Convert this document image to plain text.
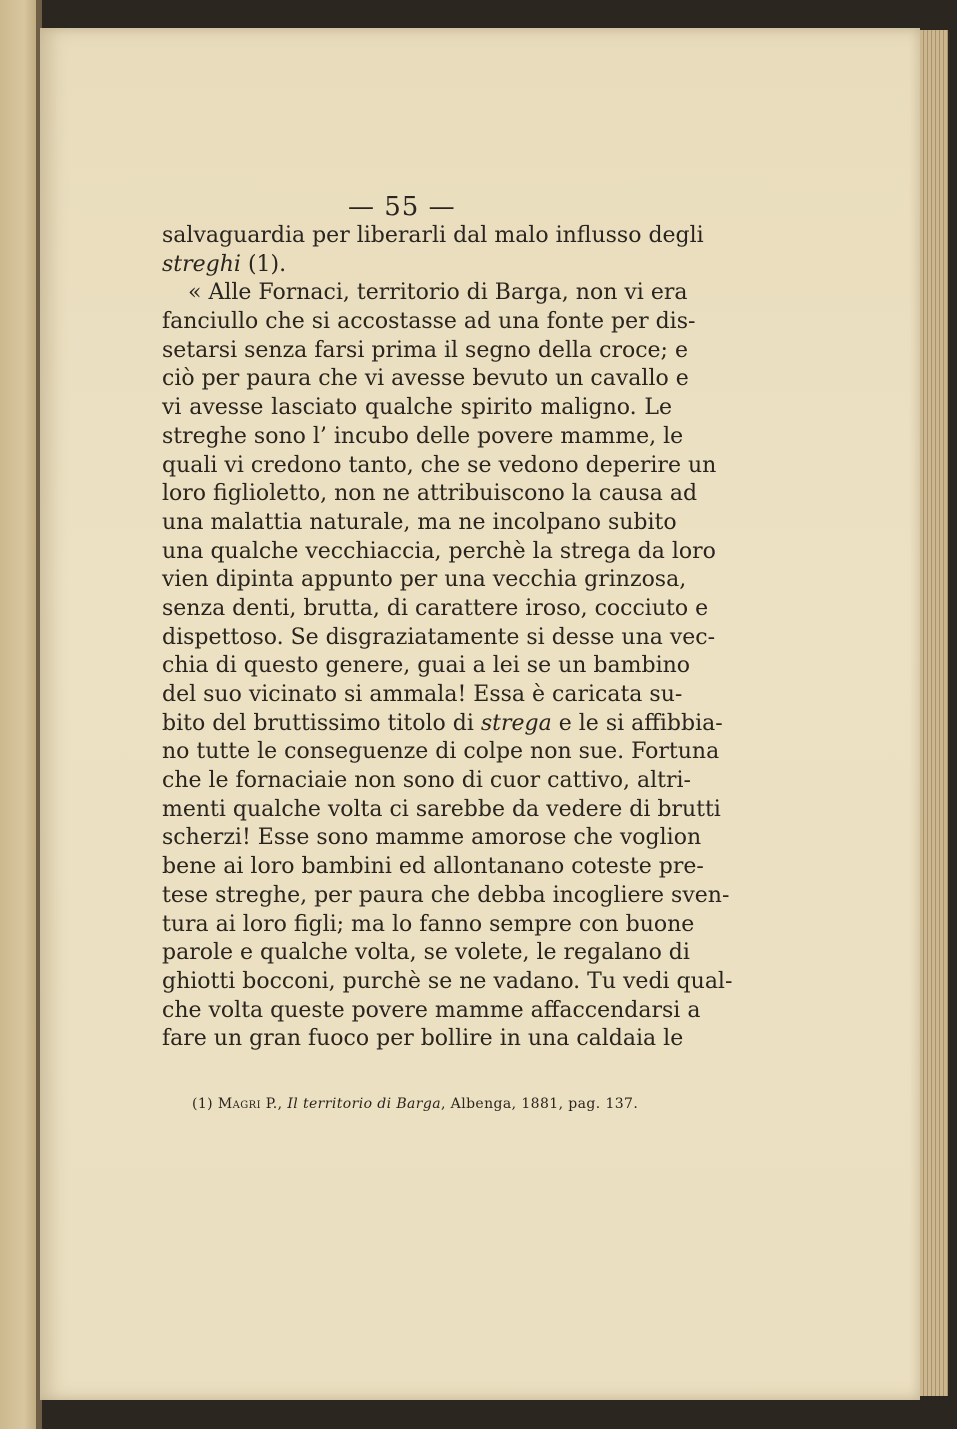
— 55 —
salvaguardia per liberarli dal malo influsso degli
streghi (1).
« Alle Fornaci, territorio di Barga, non vi era
fanciullo che si accostasse ad una fonte per dis-
setarsi senza farsi prima il segno della croce; e
ciò per paura che vi avesse bevuto un cavallo e
vi avesse lasciato qualche spirito maligno. Le
streghe sono l’ incubo delle povere mamme, le
quali vi credono tanto, che se vedono deperire un
loro figlioletto, non ne attribuiscono la causa ad
una malattia naturale, ma ne incolpano subito
una qualche vecchiaccia, perchè la strega da loro
vien dipinta appunto per una vecchia grinzosa,
senza denti, brutta, di carattere iroso, cocciuto e
dispettoso. Se disgraziatamente si desse una vec-
chia di questo genere, guai a lei se un bambino
del suo vicinato si ammala! Essa è caricata su-
bito del bruttissimo titolo di strega e le si affibbia-
no tutte le conseguenze di colpe non sue. Fortuna
che le fornaciaie non sono di cuor cattivo, altri-
menti qualche volta ci sarebbe da vedere di brutti
scherzi! Esse sono mamme amorose che voglion
bene ai loro bambini ed allontanano coteste pre-
tese streghe, per paura che debba incogliere sven-
tura ai loro figli; ma lo fanno sempre con buone
parole e qualche volta, se volete, le regalano di
ghiotti bocconi, purchè se ne vadano. Tu vedi qual-
che volta queste povere mamme affaccendarsi a
fare un gran fuoco per bollire in una caldaia le
(1) Magri P., Il territorio di Barga, Albenga, 1881, pag. 137.
